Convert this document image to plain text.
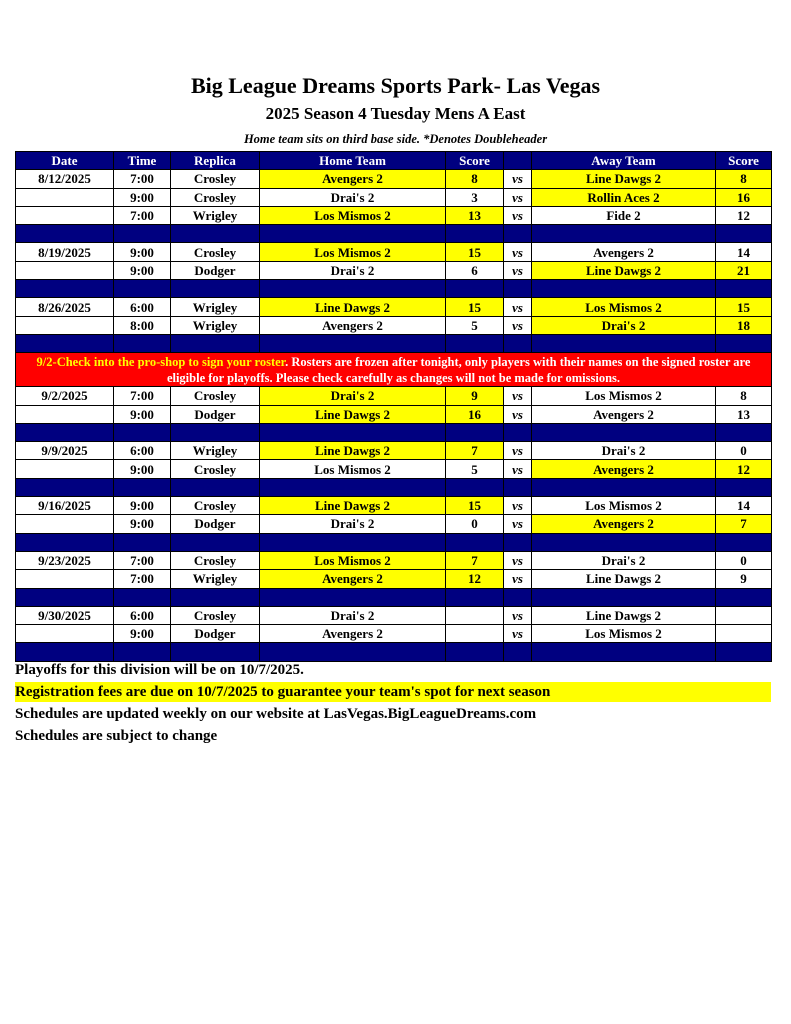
Big League Dreams Sports Park- Las Vegas
2025 Season 4 Tuesday Mens A East
Home team sits on third base side. *Denotes Doubleheader
Date	Time	Replica	Home Team	Score		Away Team	Score
8/12/2025	7:00	Crosley	Avengers 2	8	vs	Line Dawgs 2	8
	9:00	Crosley	Drai's 2	3	vs	Rollin Aces 2	16
	7:00	Wrigley	Los Mismos 2	13	vs	Fide 2	12

8/19/2025	9:00	Crosley	Los Mismos 2	15	vs	Avengers 2	14
	9:00	Dodger	Drai's 2	6	vs	Line Dawgs 2	21

8/26/2025	6:00	Wrigley	Line Dawgs 2	15	vs	Los Mismos 2	15
	8:00	Wrigley	Avengers 2	5	vs	Drai's 2	18

9/2-Check into the pro-shop to sign your roster. Rosters are frozen after tonight, only players with their names on the signed roster are eligible for playoffs. Please check carefully as changes will not be made for omissions.							
9/2/2025	7:00	Crosley	Drai's 2	9	vs	Los Mismos 2	8
	9:00	Dodger	Line Dawgs 2	16	vs	Avengers 2	13

9/9/2025	6:00	Wrigley	Line Dawgs 2	7	vs	Drai's 2	0
	9:00	Crosley	Los Mismos 2	5	vs	Avengers 2	12

9/16/2025	9:00	Crosley	Line Dawgs 2	15	vs	Los Mismos 2	14
	9:00	Dodger	Drai's 2	0	vs	Avengers 2	7

9/23/2025	7:00	Crosley	Los Mismos 2	7	vs	Drai's 2	0
	7:00	Wrigley	Avengers 2	12	vs	Line Dawgs 2	9

9/30/2025	6:00	Crosley	Drai's 2		vs	Line Dawgs 2	
	9:00	Dodger	Avengers 2		vs	Los Mismos 2	

Playoffs for this division will be on 10/7/2025.
Registration fees are due on 10/7/2025 to guarantee your team's spot for next season
Schedules are updated weekly on our website at LasVegas.BigLeagueDreams.com
Schedules are subject to change
